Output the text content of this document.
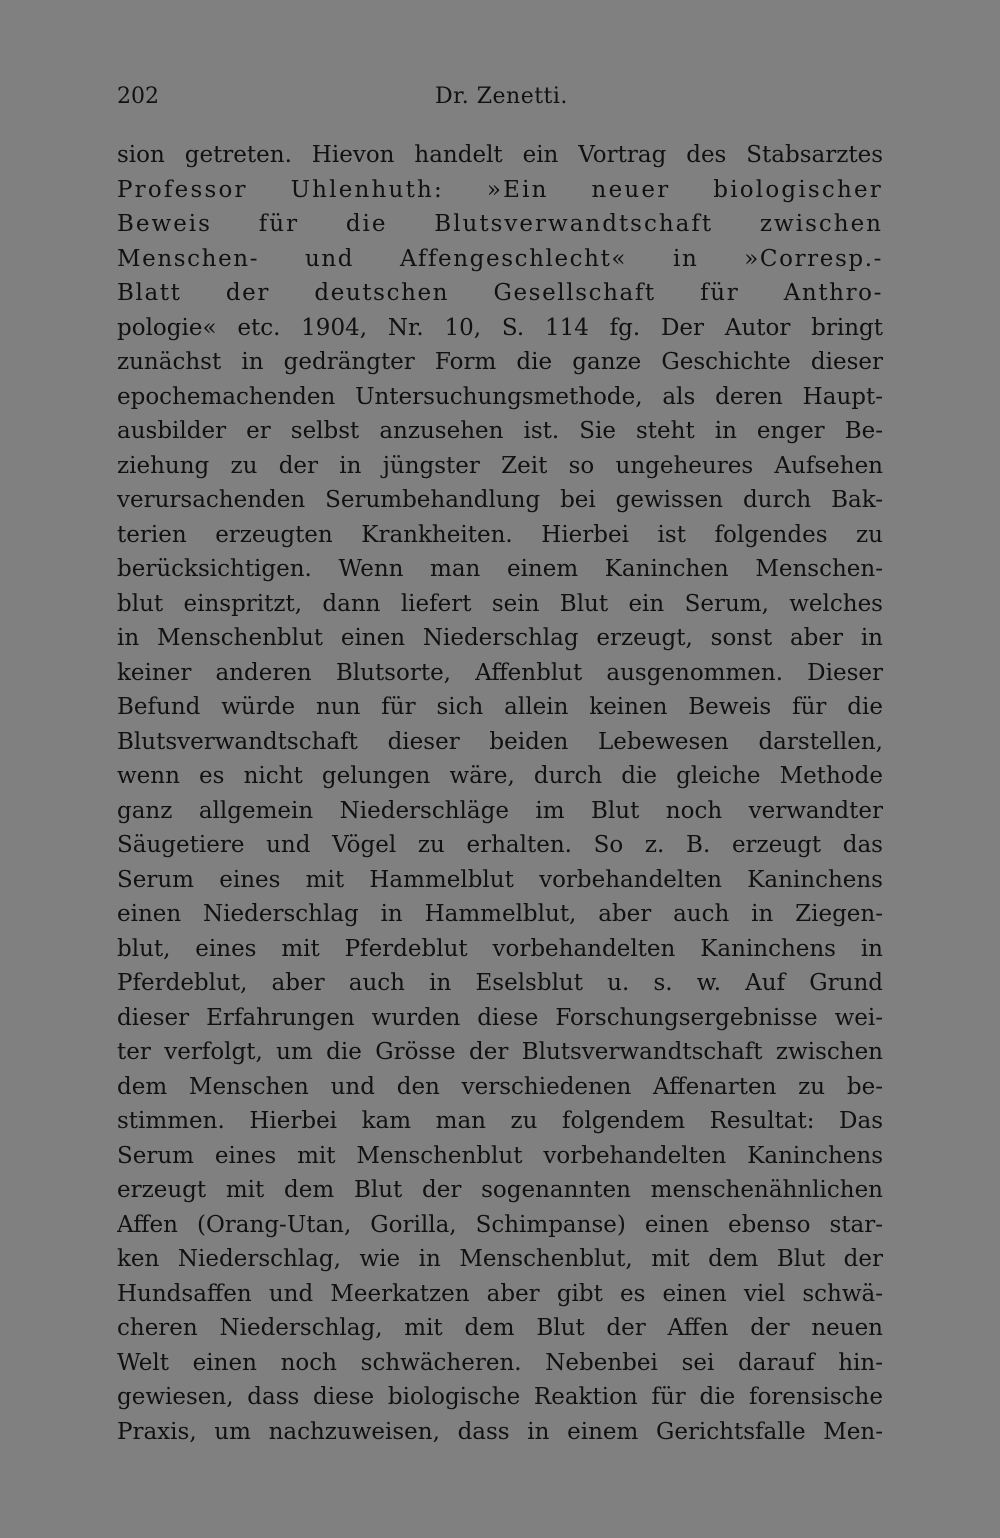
202	Dr. Zenetti.
sion getreten. Hievon handelt ein Vortrag des Stabsarztes
Professor Uhlenhuth: »Ein neuer biologischer
Beweis für die Blutsverwandtschaft zwischen
Menschen- und Affengeschlecht« in »Corresp.-
Blatt der deutschen Gesellschaft für Anthro-
pologie« etc. 1904, Nr. 10, S. 114 fg. Der Autor bringt
zunächst in gedrängter Form die ganze Geschichte dieser
epochemachenden Untersuchungsmethode, als deren Haupt-
ausbilder er selbst anzusehen ist. Sie steht in enger Be-
ziehung zu der in jüngster Zeit so ungeheures Aufsehen
verursachenden Serumbehandlung bei gewissen durch Bak-
terien erzeugten Krankheiten. Hierbei ist folgendes zu
berücksichtigen. Wenn man einem Kaninchen Menschen-
blut einspritzt, dann liefert sein Blut ein Serum, welches
in Menschenblut einen Niederschlag erzeugt, sonst aber in
keiner anderen Blutsorte, Affenblut ausgenommen. Dieser
Befund würde nun für sich allein keinen Beweis für die
Blutsverwandtschaft dieser beiden Lebewesen darstellen,
wenn es nicht gelungen wäre, durch die gleiche Methode
ganz allgemein Niederschläge im Blut noch verwandter
Säugetiere und Vögel zu erhalten. So z. B. erzeugt das
Serum eines mit Hammelblut vorbehandelten Kaninchens
einen Niederschlag in Hammelblut, aber auch in Ziegen-
blut, eines mit Pferdeblut vorbehandelten Kaninchens in
Pferdeblut, aber auch in Eselsblut u. s. w. Auf Grund
dieser Erfahrungen wurden diese Forschungsergebnisse wei-
ter verfolgt, um die Grösse der Blutsverwandtschaft zwischen
dem Menschen und den verschiedenen Affenarten zu be-
stimmen. Hierbei kam man zu folgendem Resultat: Das
Serum eines mit Menschenblut vorbehandelten Kaninchens
erzeugt mit dem Blut der sogenannten menschenähnlichen
Affen (Orang-Utan, Gorilla, Schimpanse) einen ebenso star-
ken Niederschlag, wie in Menschenblut, mit dem Blut der
Hundsaffen und Meerkatzen aber gibt es einen viel schwä-
cheren Niederschlag, mit dem Blut der Affen der neuen
Welt einen noch schwächeren. Nebenbei sei darauf hin-
gewiesen, dass diese biologische Reaktion für die forensische
Praxis, um nachzuweisen, dass in einem Gerichtsfalle Men-
